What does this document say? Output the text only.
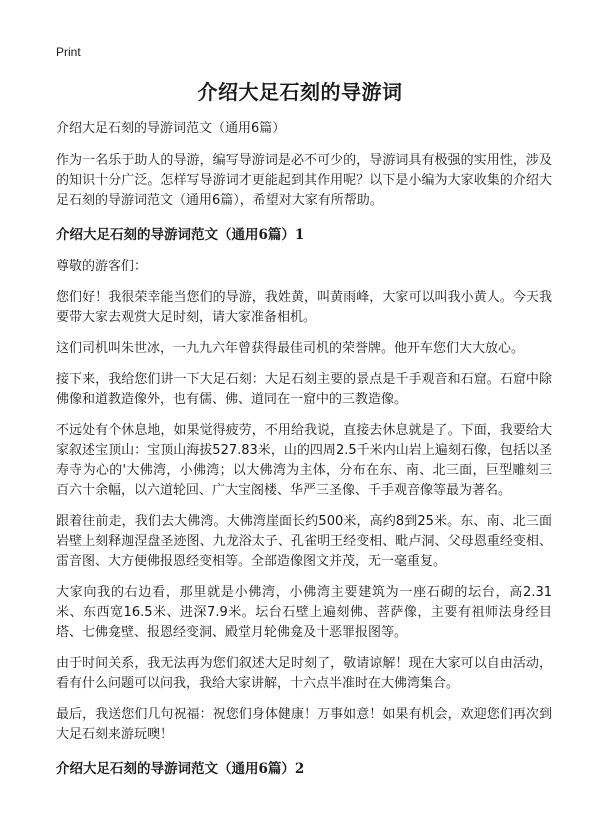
Print
介绍大足石刻的导游词
介绍大足石刻的导游词范文（通用6篇）

作为一名乐于助人的导游，编写导游词是必不可少的，导游词具有极强的实用性，涉及的知识十分广泛。怎样写导游词才更能起到其作用呢？以下是小编为大家收集的介绍大足石刻的导游词范文（通用6篇），希望对大家有所帮助。

介绍大足石刻的导游词范文（通用6篇）1

尊敬的游客们：

您们好！我很荣幸能当您们的导游，我姓黄，叫黄雨峰，大家可以叫我小黄人。今天我要带大家去观赏大足时刻，请大家准备相机。

这们司机叫朱世冰，一九九六年曾获得最佳司机的荣誉牌。他开车您们大大放心。

接下来，我给您们讲一下大足石刻：大足石刻主要的景点是千手观音和石窟。石窟中除佛像和道教造像外，也有儒、佛、道同在一窟中的三教造像。

不远处有个休息地，如果觉得疲劳，不用给我说，直接去休息就是了。下面，我要给大家叙述宝顶山：宝顶山海拔527.83米，山的四周2.5千米内山岩上遍刻石像，包括以圣寿寺为心的'大佛湾，小佛湾；以大佛湾为主体，分布在东、南、北三面，巨型雕刻三百六十余幅，以六道轮回、广大宝阁楼、华严三圣像、千手观音像等最为著名。

跟着往前走，我们去大佛湾。大佛湾崖面长约500米，高约8到25米。东、南、北三面岩壁上刻释迦涅盘圣迹图、九龙浴太子、孔雀明王经变相、毗卢洞、父母恩重经变相、雷音图、大方便佛报恩经变相等。全部造像图文并茂，无一毫重复。

大家向我的右边看，那里就是小佛湾，小佛湾主要建筑为一座石砌的坛台，高2.31米、东西宽16.5米、进深7.9米。坛台石壁上遍刻佛、菩萨像，主要有祖师法身经目塔、七佛龛壁、报恩经变洞、殿堂月轮佛龛及十恶罪报图等。

由于时间关系，我无法再为您们叙述大足时刻了，敬请谅解！现在大家可以自由活动，看有什么问题可以问我，我给大家讲解，十六点半准时在大佛湾集合。

最后，我送您们几句祝福：祝您们身体健康！万事如意！如果有机会，欢迎您们再次到大足石刻来游玩噢！

介绍大足石刻的导游词范文（通用6篇）2
